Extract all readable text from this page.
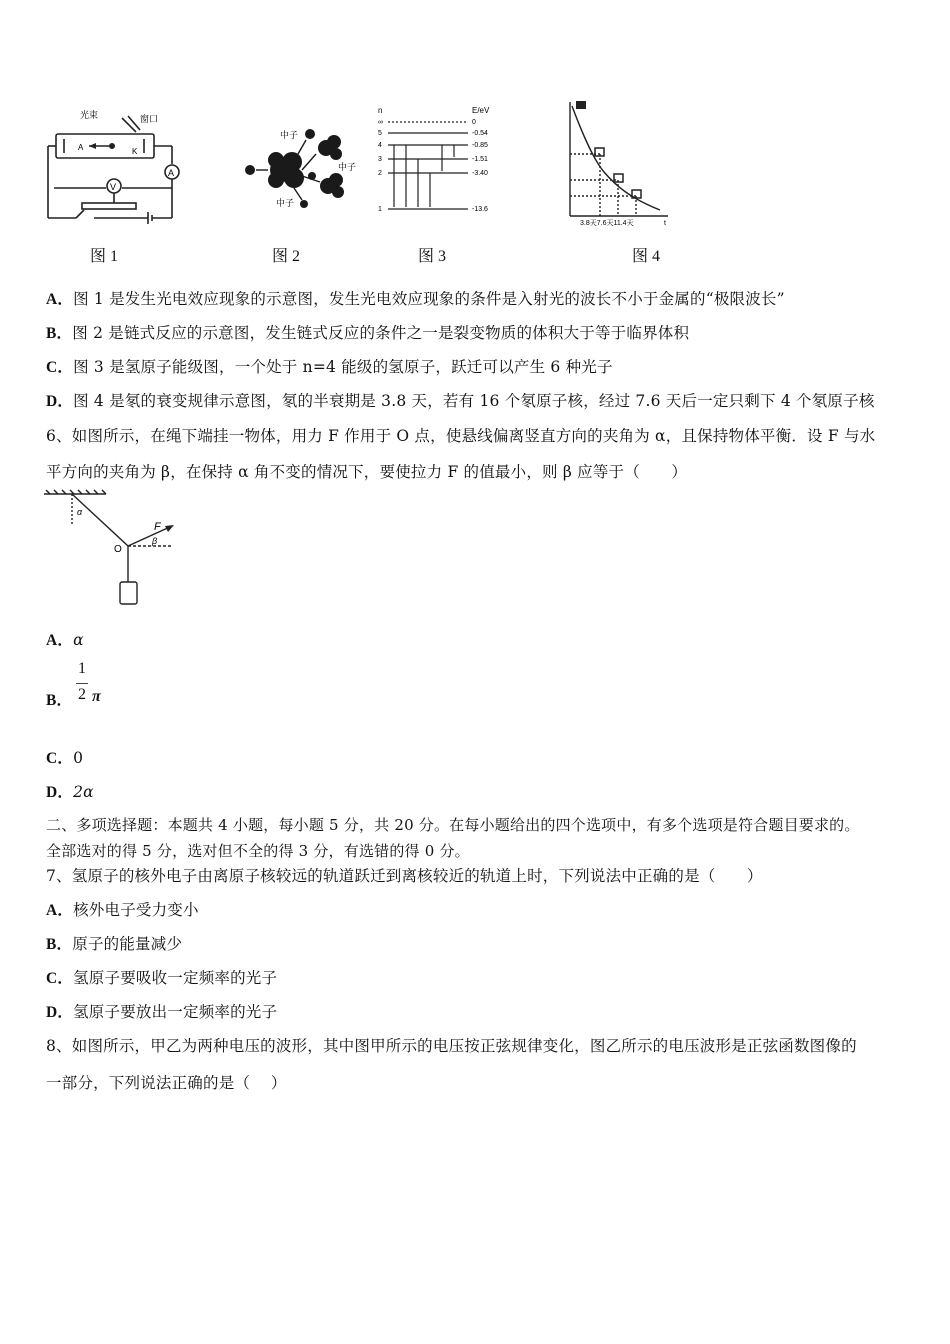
光束	窗口
A	K
A
V
图 1
中子
中子
中子
图 2
n	E/eV
∞	0
5	-0.54
4	-0.85
3	-1.51
2	-3.40
1	-13.6
图 3
3.8天7.6天11.4天	t
图 4
A．图 1 是发生光电效应现象的示意图，发生光电效应现象的条件是入射光的波长不小于金属的“极限波长”
B．图 2 是链式反应的示意图，发生链式反应的条件之一是裂变物质的体积大于等于临界体积
C．图 3 是氢原子能级图，一个处于 n=4 能级的氢原子，跃迁可以产生 6 种光子
D．图 4 是氡的衰变规律示意图，氡的半衰期是 3.8 天，若有 16 个氡原子核，经过 7.6 天后一定只剩下 4 个氡原子核
6、如图所示，在绳下端挂一物体，用力 F 作用于 O 点，使悬线偏离竖直方向的夹角为 α，且保持物体平衡．设 F 与水
平方向的夹角为 β，在保持 α 角不变的情况下，要使拉力 F 的值最小，则 β 应等于（　　）
α
β
F
O
A．α
B．
1
2 π
C．0
D．2α
二、多项选择题：本题共 4 小题，每小题 5 分，共 20 分。在每小题给出的四个选项中，有多个选项是符合题目要求的。
全部选对的得 5 分，选对但不全的得 3 分，有选错的得 0 分。
7、氢原子的核外电子由离原子核较远的轨道跃迁到离核较近的轨道上时，下列说法中正确的是（　　）
A．核外电子受力变小
B．原子的能量减少
C．氢原子要吸收一定频率的光子
D．氢原子要放出一定频率的光子
8、如图所示，甲乙为两种电压的波形，其中图甲所示的电压按正弦规律变化，图乙所示的电压波形是正弦函数图像的
一部分，下列说法正确的是（　 ）
